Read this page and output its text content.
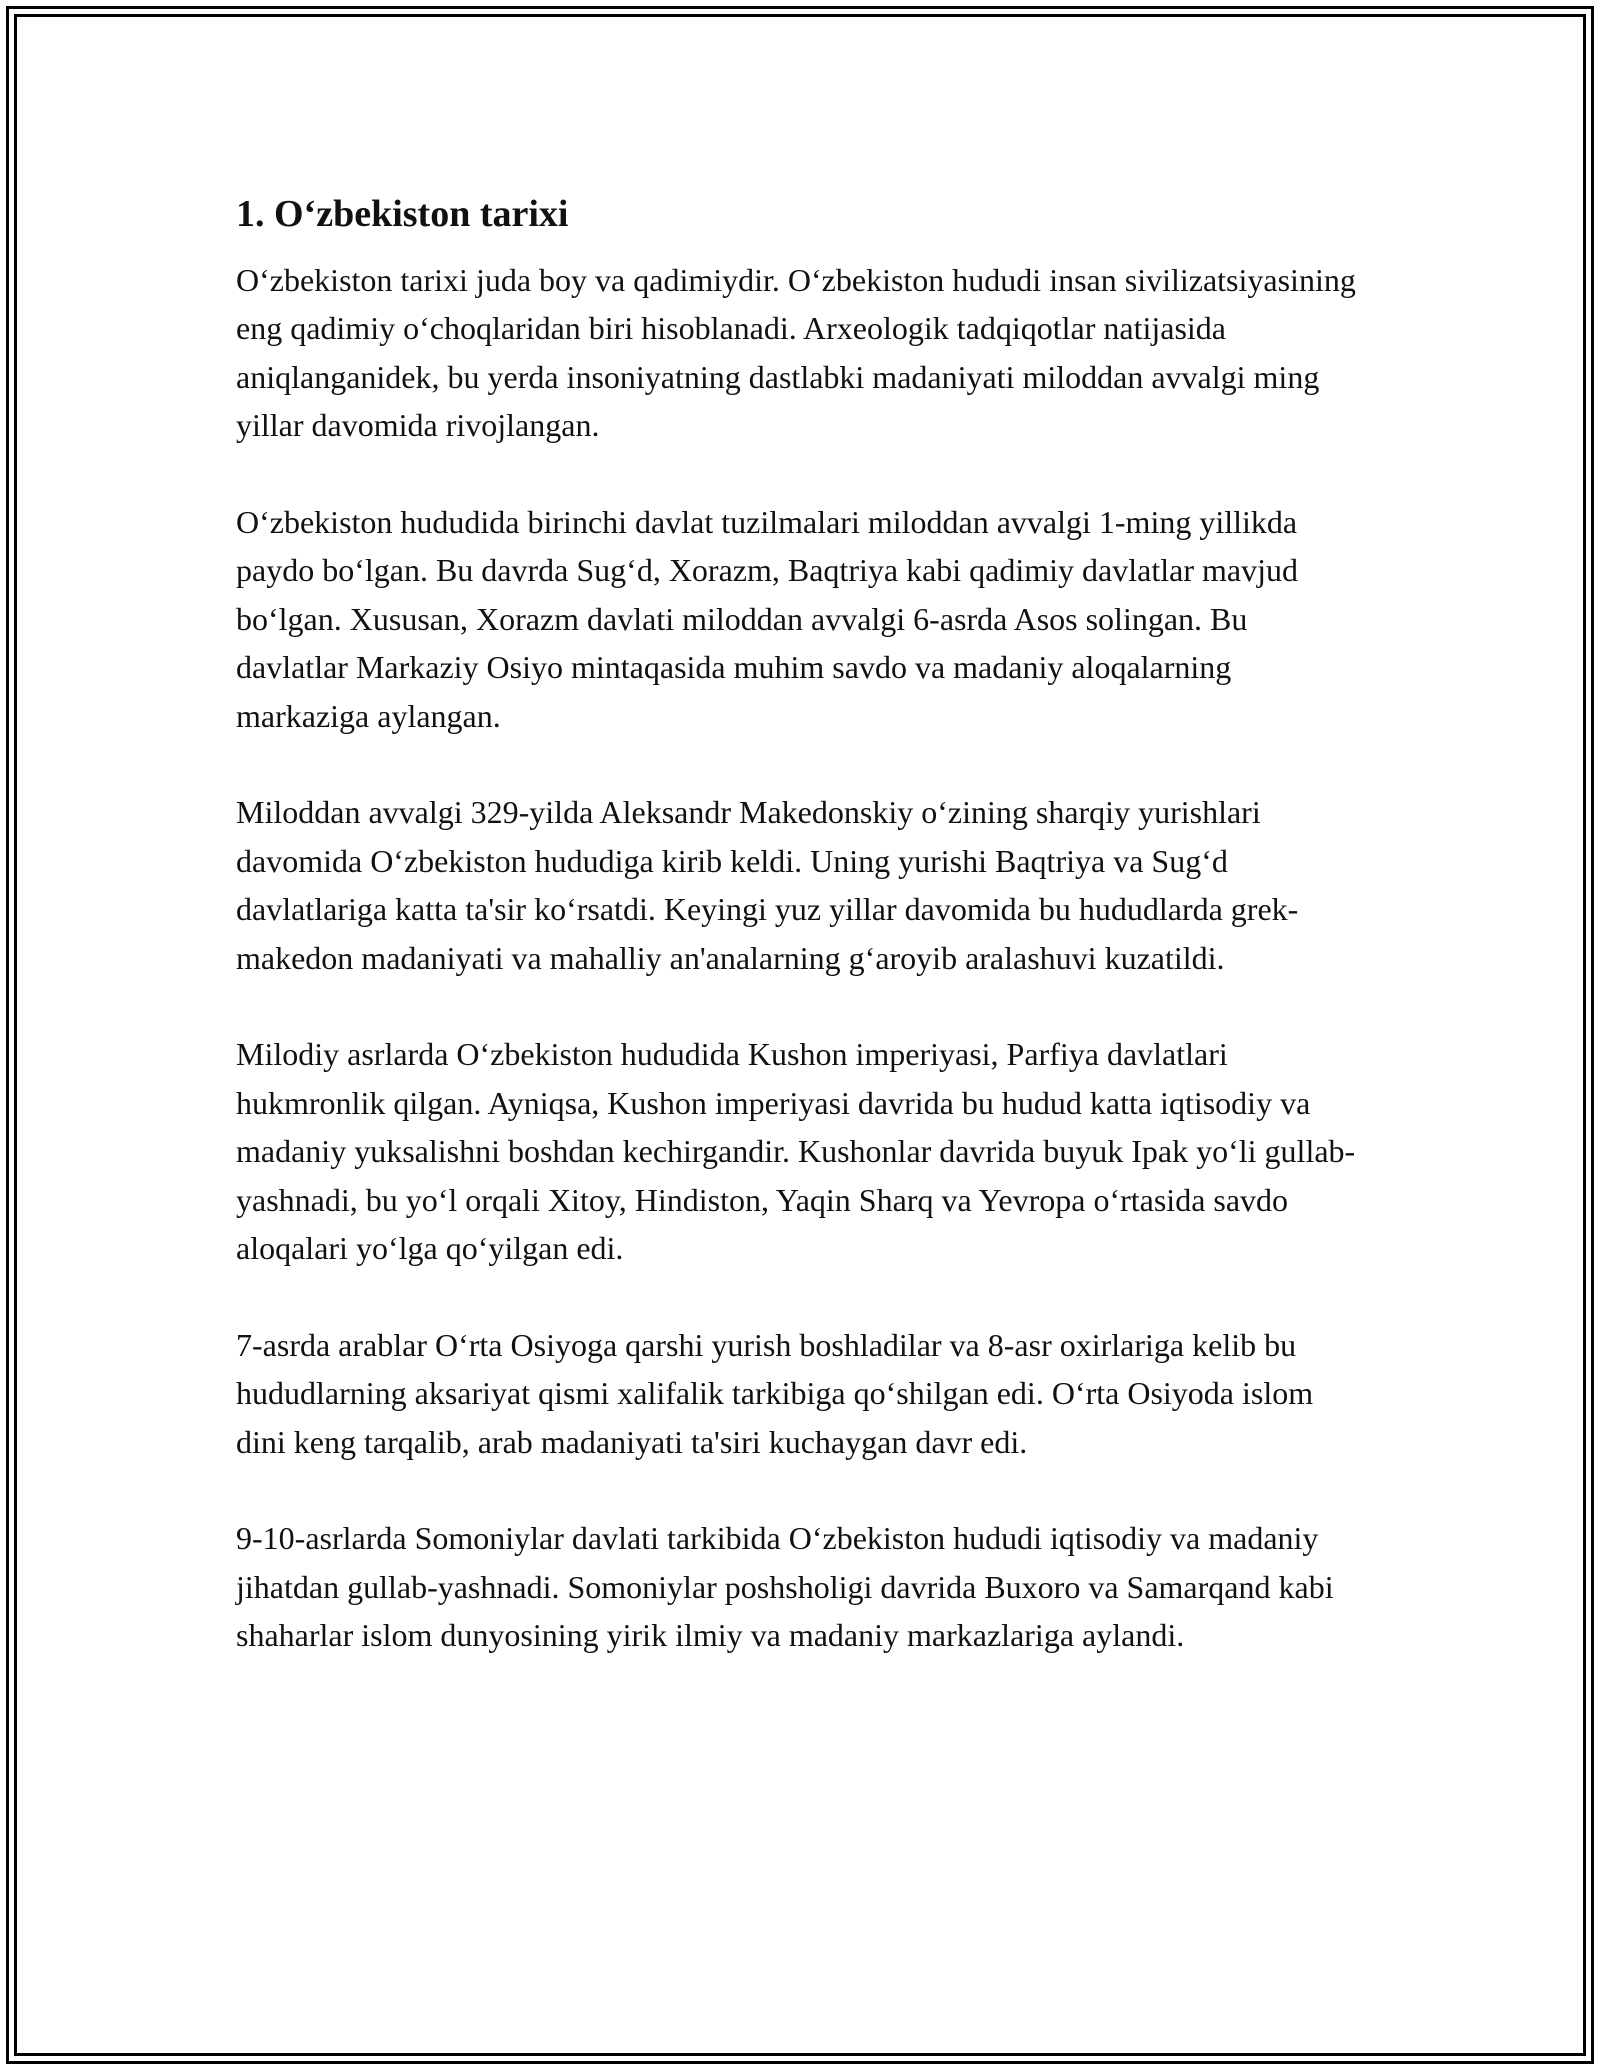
1. O‘zbekiston tarixi

O‘zbekiston tarixi juda boy va qadimiydir. O‘zbekiston hududi insan sivilizatsiyasining eng qadimiy o‘choqlaridan biri hisoblanadi. Arxeologik tadqiqotlar natijasida aniqlanganidek, bu yerda insoniyatning dastlabki madaniyati miloddan avvalgi ming yillar davomida rivojlangan.

O‘zbekiston hududida birinchi davlat tuzilmalari miloddan avvalgi 1-ming yillikda paydo bo‘lgan. Bu davrda Sug‘d, Xorazm, Baqtriya kabi qadimiy davlatlar mavjud bo‘lgan. Xususan, Xorazm davlati miloddan avvalgi 6-asrda Asos solingan. Bu davlatlar Markaziy Osiyo mintaqasida muhim savdo va madaniy aloqalarning markaziga aylangan.

Miloddan avvalgi 329-yilda Aleksandr Makedonskiy o‘zining sharqiy yurishlari davomida O‘zbekiston hududiga kirib keldi. Uning yurishi Baqtriya va Sug‘d davlatlariga katta ta'sir ko‘rsatdi. Keyingi yuz yillar davomida bu hududlarda grek-makedon madaniyati va mahalliy an'analarning g‘aroyib aralashuvi kuzatildi.

Milodiy asrlarda O‘zbekiston hududida Kushon imperiyasi, Parfiya davlatlari hukmronlik qilgan. Ayniqsa, Kushon imperiyasi davrida bu hudud katta iqtisodiy va madaniy yuksalishni boshdan kechirgandir. Kushonlar davrida buyuk Ipak yo‘li gullab-yashnadi, bu yo‘l orqali Xitoy, Hindiston, Yaqin Sharq va Yevropa o‘rtasida savdo aloqalari yo‘lga qo‘yilgan edi.

7-asrda arablar O‘rta Osiyoga qarshi yurish boshladilar va 8-asr oxirlariga kelib bu hududlarning aksariyat qismi xalifalik tarkibiga qo‘shilgan edi. O‘rta Osiyoda islom dini keng tarqalib, arab madaniyati ta'siri kuchaygan davr edi.

9-10-asrlarda Somoniylar davlati tarkibida O‘zbekiston hududi iqtisodiy va madaniy jihatdan gullab-yashnadi. Somoniylar poshsholigi davrida Buxoro va Samarqand kabi shaharlar islom dunyosining yirik ilmiy va madaniy markazlariga aylandi.
